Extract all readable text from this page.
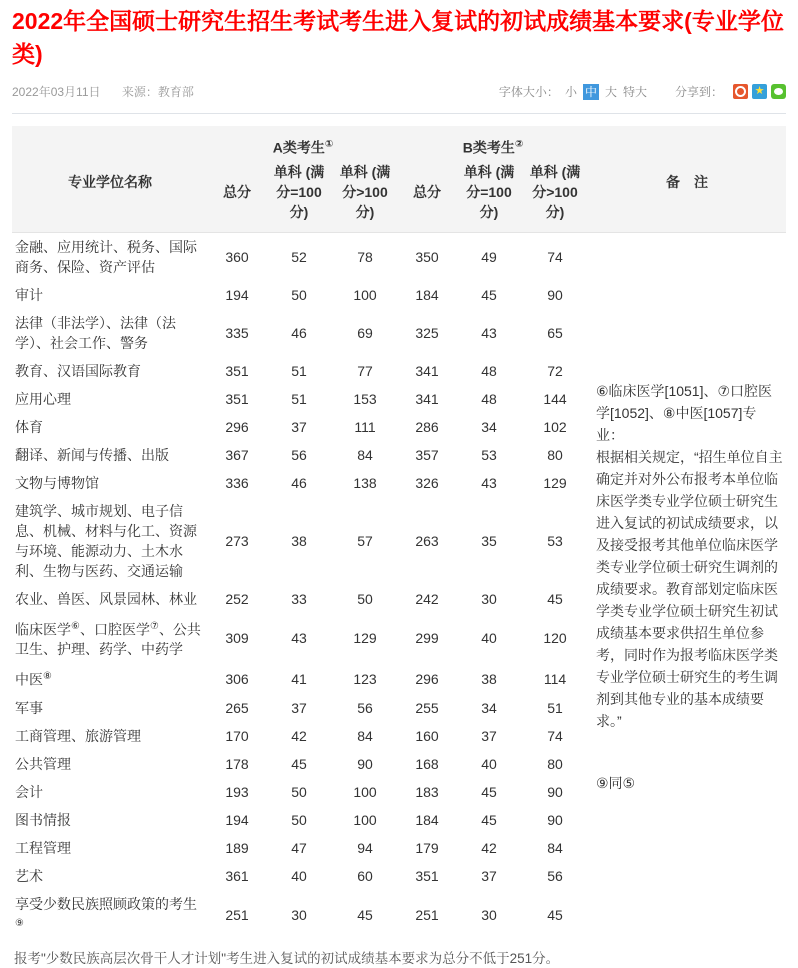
2022年全国硕士研究生招生考试考生进入复试的初试成绩基本要求(专业学位类)
2022年03月11日 来源：教育部	字体大小： 小 中 大 特大 分享到：	★
专业学位名称	A类考生①			B类考生②			备　注
	总分	单科 (满分=100分)	单科 (满分>100分)	总分	单科 (满分=100分)	单科 (满分>100分)	
金融、应用统计、税务、国际商务、保险、资产评估	360	52	78	350	49	74	⑥临床医学[1051]、⑦口腔医学[1052]、⑧中医[1057]专业：

根据相关规定，“招生单位自主确定并对外公布报考本单位临床医学类专业学位硕士研究生进入复试的初试成绩要求，以及接受报考其他单位临床医学类专业学位硕士研究生调剂的成绩要求。教育部划定临床医学类专业学位硕士研究生初试成绩基本要求供招生单位参考，同时作为报考临床医学类专业学位硕士研究生的考生调剂到其他专业的基本成绩要求。”

⑨同⑤

审计	194	50	100	184	45	90	
法律（非法学）、法律（法学）、社会工作、警务	335	46	69	325	43	65	
教育、汉语国际教育	351	51	77	341	48	72	
应用心理	351	51	153	341	48	144	
体育	296	37	111	286	34	102	
翻译、新闻与传播、出版	367	56	84	357	53	80	
文物与博物馆	336	46	138	326	43	129	
建筑学、城市规划、电子信息、机械、材料与化工、资源与环境、能源动力、土木水利、生物与医药、交通运输	273	38	57	263	35	53	
农业、兽医、风景园林、林业	252	33	50	242	30	45	
临床医学⑥、口腔医学⑦、公共卫生、护理、药学、中药学	309	43	129	299	40	120	
中医⑧	306	41	123	296	38	114	
军事	265	37	56	255	34	51	
工商管理、旅游管理	170	42	84	160	37	74	
公共管理	178	45	90	168	40	80	
会计	193	50	100	183	45	90	
图书情报	194	50	100	184	45	90	
工程管理	189	47	94	179	42	84	
艺术	361	40	60	351	37	56	
享受少数民族照顾政策的考生⑨	251	30	45	251	30	45	
报考"少数民族高层次骨干人才计划"考生进入复试的初试成绩基本要求为总分不低于251分。
